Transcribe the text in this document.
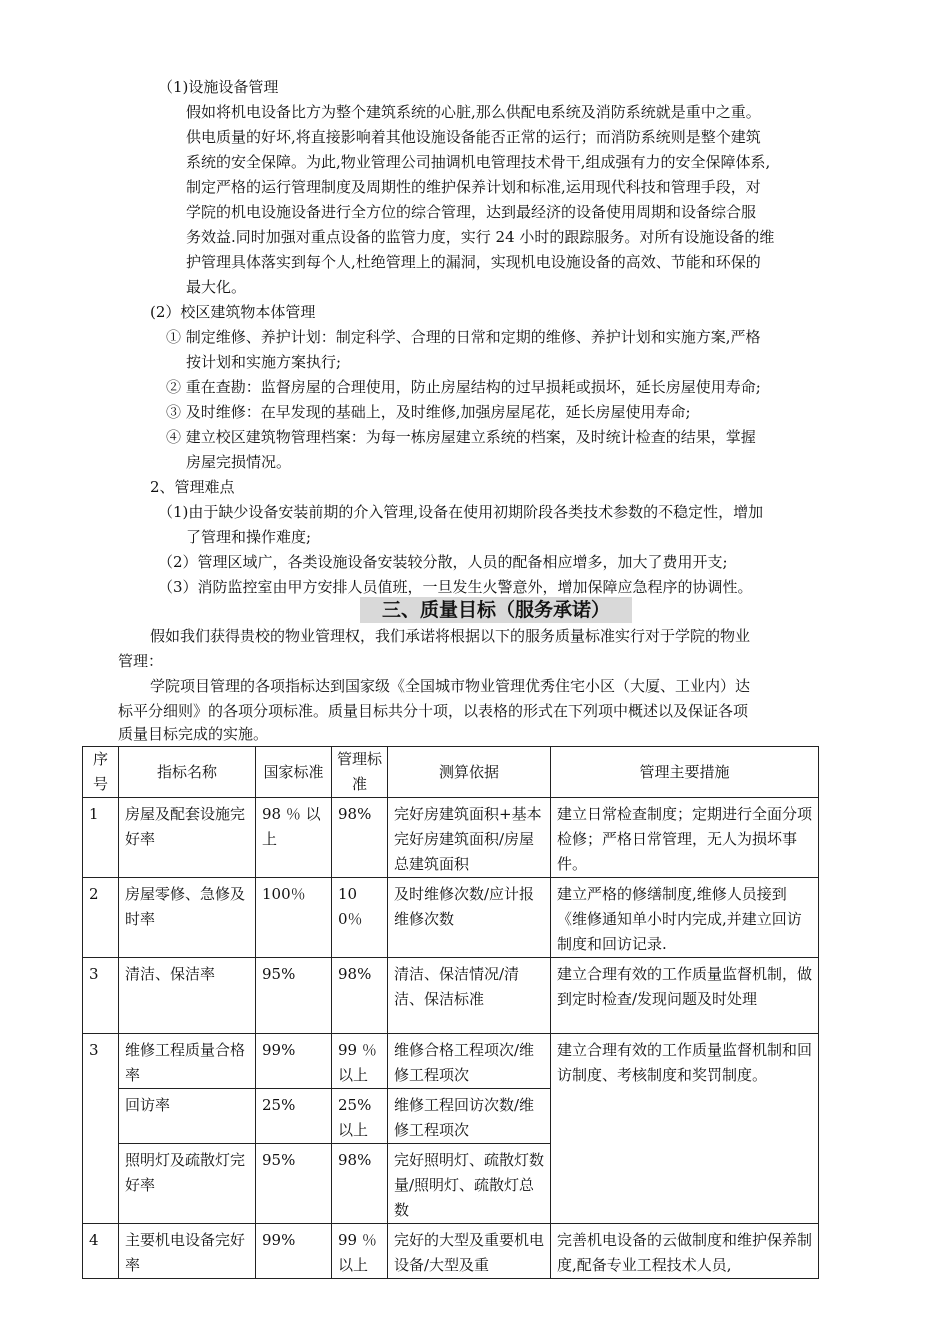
（1)设施设备管理
假如将机电设备比方为整个建筑系统的心脏,那么供配电系统及消防系统就是重中之重。
供电质量的好坏,将直接影响着其他设施设备能否正常的运行；而消防系统则是整个建筑
系统的安全保障。为此,物业管理公司抽调机电管理技术骨干,组成强有力的安全保障体系,
制定严格的运行管理制度及周期性的维护保养计划和标准,运用现代科技和管理手段，对
学院的机电设施设备进行全方位的综合管理，达到最经济的设备使用周期和设备综合服
务效益.同时加强对重点设备的监管力度，实行 24 小时的跟踪服务。对所有设施设备的维
护管理具体落实到每个人,杜绝管理上的漏洞，实现机电设施设备的高效、节能和环保的
最大化。
(2）校区建筑物本体管理
① 制定维修、养护计划：制定科学、合理的日常和定期的维修、养护计划和实施方案,严格
按计划和实施方案执行;
② 重在查勘：监督房屋的合理使用，防止房屋结构的过早损耗或损坏，延长房屋使用寿命;
③ 及时维修：在早发现的基础上，及时维修,加强房屋尾花，延长房屋使用寿命;
④ 建立校区建筑物管理档案：为每一栋房屋建立系统的档案，及时统计检查的结果，掌握
房屋完损情况。
2、管理难点
（1)由于缺少设备安装前期的介入管理,设备在使用初期阶段各类技术参数的不稳定性，增加
了管理和操作难度;
（2）管理区域广，各类设施设备安装较分散，人员的配备相应增多，加大了费用开支;
（3）消防监控室由甲方安排人员值班，一旦发生火警意外，增加保障应急程序的协调性。
三、质量目标（服务承诺）
假如我们获得贵校的物业管理权，我们承诺将根据以下的服务质量标准实行对于学院的物业
管理：
学院项目管理的各项指标达到国家级《全国城市物业管理优秀住宅小区（大厦、工业内）达
标平分细则》的各项分项标准。质量目标共分十项，以表格的形式在下列项中概述以及保证各项
质量目标完成的实施。
序号	指标名称	国家标准	管理标准	测算依据	管理主要措施
1	房屋及配套设施完好率	98 ％ 以上	98%	完好房建筑面积+基本完好房建筑面积/房屋总建筑面积	建立日常检查制度；定期进行全面分项检修；严格日常管理，无人为损坏事件。
2	房屋零修、急修及时率	100％	100％	及时维修次数/应计报维修次数	建立严格的修缮制度,维修人员接到《维修通知单小时内完成,并建立回访制度和回访记录.
3	清洁、保洁率	95%	98%	清洁、保洁情况/清洁、保洁标准	建立合理有效的工作质量监督机制，做到定时检查/发现问题及时处理
3	维修工程质量合格率	99%	99 ％以上	维修合格工程项次/维修工程项次	建立合理有效的工作质量监督机制和回访制度、考核制度和奖罚制度。
	回访率	25%	25%以上	维修工程回访次数/维修工程项次	
	照明灯及疏散灯完好率	95%	98%	完好照明灯、疏散灯数量/照明灯、疏散灯总数	
4	主要机电设备完好率	99%	99 ％以上	完好的大型及重要机电设备/大型及重	完善机电设备的云做制度和维护保养制度,配备专业工程技术人员,
